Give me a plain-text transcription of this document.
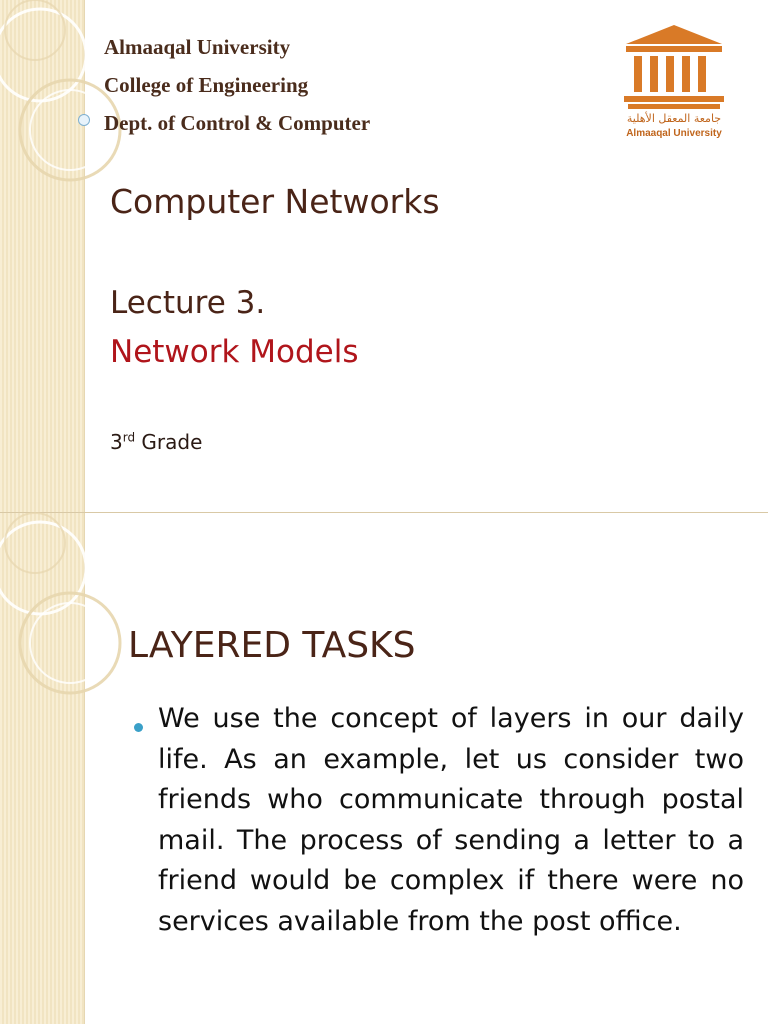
Almaaqal University
College of Engineering
Dept. of Control & Computer	جامعة المعقل الأهلية
Almaaqal University
Computer Networks
Lecture 3.
Network Models
3rd Grade
LAYERED TASKS
We use the concept of layers in our daily life. As an example, let us consider two friends who communicate through postal mail. The process of sending a letter to a friend would be complex if there were no services available from the post office.
